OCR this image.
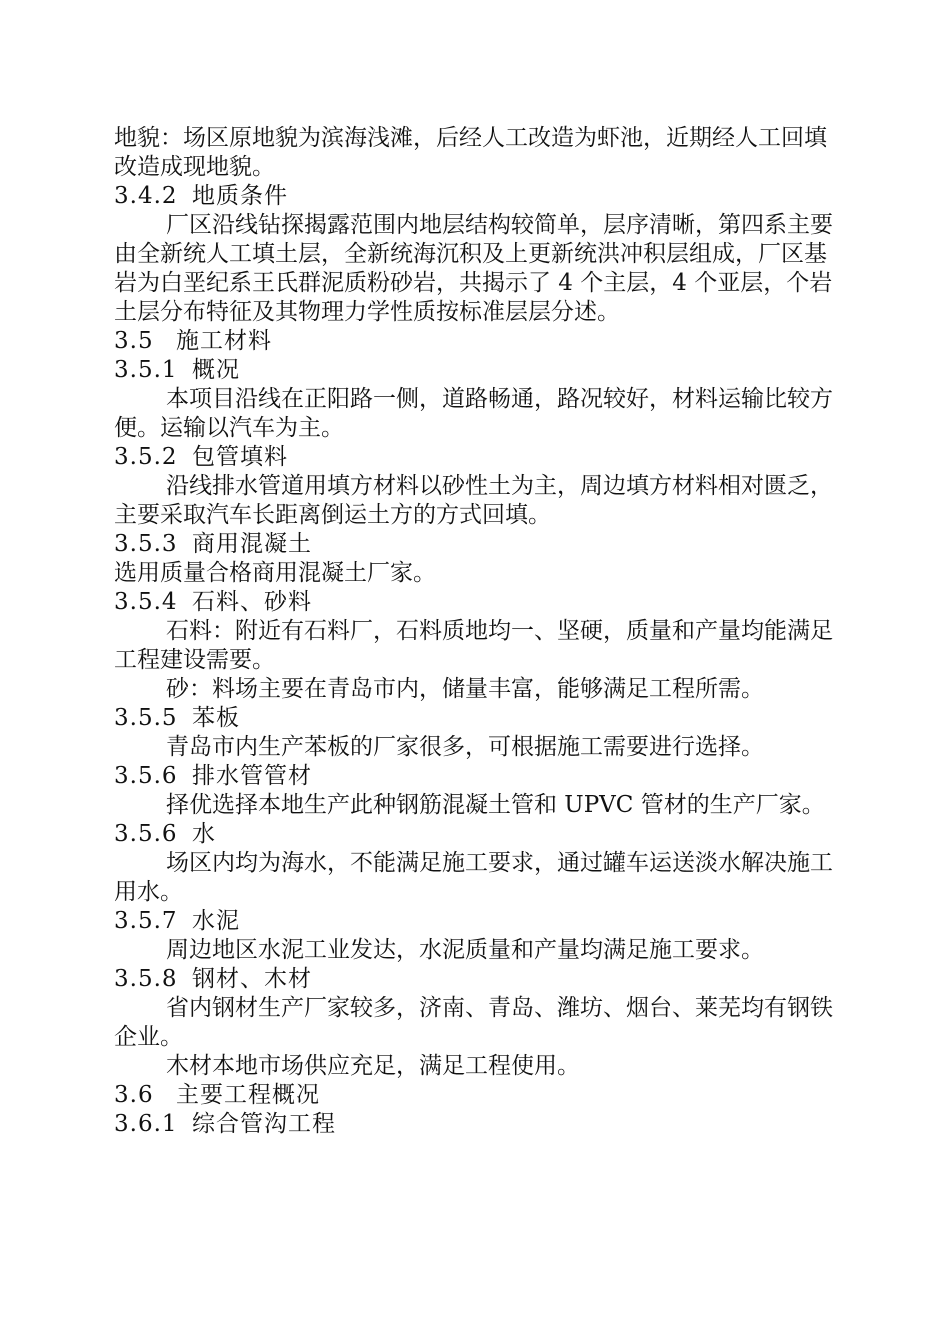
地貌：场区原地貌为滨海浅滩，后经人工改造为虾池，近期经人工回填改造成现地貌。

3.4.2 地质条件

厂区沿线钻探揭露范围内地层结构较简单，层序清晰，第四系主要由全新统人工填土层，全新统海沉积及上更新统洪冲积层组成，厂区基岩为白垩纪系王氏群泥质粉砂岩，共揭示了 4 个主层，4 个亚层，个岩土层分布特征及其物理力学性质按标准层层分述。

3.5 施工材料

3.5.1 概况

本项目沿线在正阳路一侧，道路畅通，路况较好，材料运输比较方便。运输以汽车为主。

3.5.2 包管填料

沿线排水管道用填方材料以砂性土为主，周边填方材料相对匮乏，主要采取汽车长距离倒运土方的方式回填。

3.5.3 商用混凝土

选用质量合格商用混凝土厂家。

3.5.4 石料、砂料

石料：附近有石料厂，石料质地均一、坚硬，质量和产量均能满足工程建设需要。

砂：料场主要在青岛市内，储量丰富，能够满足工程所需。

3.5.5 苯板

青岛市内生产苯板的厂家很多，可根据施工需要进行选择。

3.5.6 排水管管材

择优选择本地生产此种钢筋混凝土管和 UPVC 管材的生产厂家。

3.5.6 水

场区内均为海水，不能满足施工要求，通过罐车运送淡水解决施工用水。

3.5.7 水泥

周边地区水泥工业发达，水泥质量和产量均满足施工要求。

3.5.8 钢材、木材

省内钢材生产厂家较多，济南、青岛、潍坊、烟台、莱芜均有钢铁企业。

木材本地市场供应充足，满足工程使用。

3.6 主要工程概况

3.6.1 综合管沟工程
